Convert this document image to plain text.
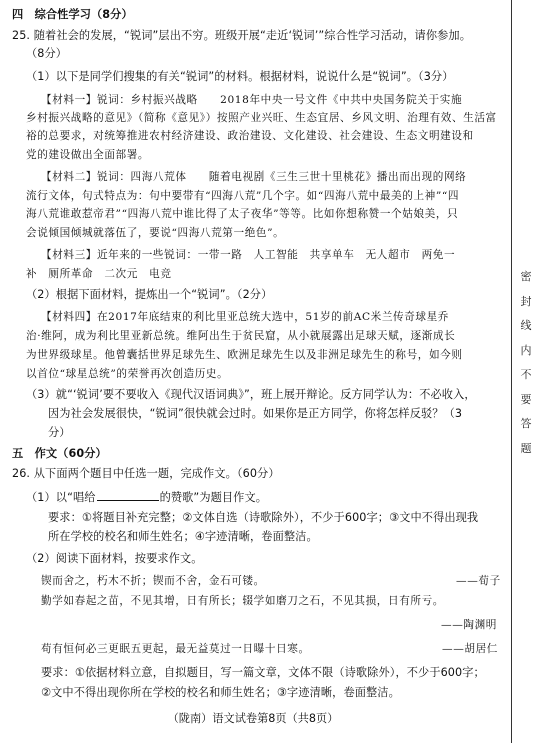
四　综合性学习（8分）
25. 随着社会的发展，“锐词”层出不穷。班级开展“走近‘锐词’”综合性学习活动，请你参加。
（8分）
（1）以下是同学们搜集的有关“锐词”的材料。根据材料，说说什么是“锐词”。（3分）
【材料一】锐词：乡村振兴战略　　2018年中央一号文件《中共中央国务院关于实施
乡村振兴战略的意见》（简称《意见》）按照产业兴旺、生态宜居、乡风文明、治理有效、生活富
裕的总要求，对统筹推进农村经济建设、政治建设、文化建设、社会建设、生态文明建设和
党的建设做出全面部署。
【材料二】锐词：四海八荒体　　随着电视剧《三生三世十里桃花》播出而出现的网络
流行文体，句式特点为：句中要带有“四海八荒”几个字。如“四海八荒中最美的上神”“四
海八荒谁敢惹帝君”“四海八荒中谁比得了太子夜华”等等。比如你想称赞一个姑娘美，只
会说倾国倾城就落伍了，要说“四海八荒第一绝色”。
【材料三】近年来的一些锐词：一带一路　人工智能　共享单车　无人超市　两免一
补　厕所革命　二次元　电竞
（2）根据下面材料，提炼出一个“锐词”。（2分）
【材料四】在2017年底结束的利比里亚总统大选中，51岁的前AC米兰传奇球星乔
治·维阿，成为利比里亚新总统。维阿出生于贫民窟，从小就展露出足球天赋，逐渐成长
为世界级球星。他曾囊括世界足球先生、欧洲足球先生以及非洲足球先生的称号，如今则
以首位“球星总统”的荣誉再次创造历史。
（3）就“‘锐词’要不要收入《现代汉语词典》”，班上展开辩论。反方同学认为：不必收入，
因为社会发展很快，“锐词”很快就会过时。如果你是正方同学，你将怎样反驳？（3
分）
五　作文（60分）
26. 从下面两个题目中任选一题，完成作文。（60分）
（1）以“唱给	的赞歌”为题目作文。
要求：①将题目补充完整；②文体自选（诗歌除外），不少于600字；③文中不得出现我
所在学校的校名和师生姓名；④字迹清晰，卷面整洁。
（2）阅读下面材料，按要求作文。
锲而舍之，朽木不折；锲而不舍，金石可镂。	——荀子
勤学如春起之苗，不见其增，日有所长；辍学如磨刀之石，不见其损，日有所亏。
——陶渊明
苟有恒何必三更眠五更起，最无益莫过一日曝十日寒。	——胡居仁
要求：①依据材料立意，自拟题目，写一篇文章，文体不限（诗歌除外），不少于600字；
②文中不得出现你所在学校的校名和师生姓名；③字迹清晰，卷面整洁。
（陇南）语文试卷第8页（共8页）
密
封
线
内
不
要
答
题
